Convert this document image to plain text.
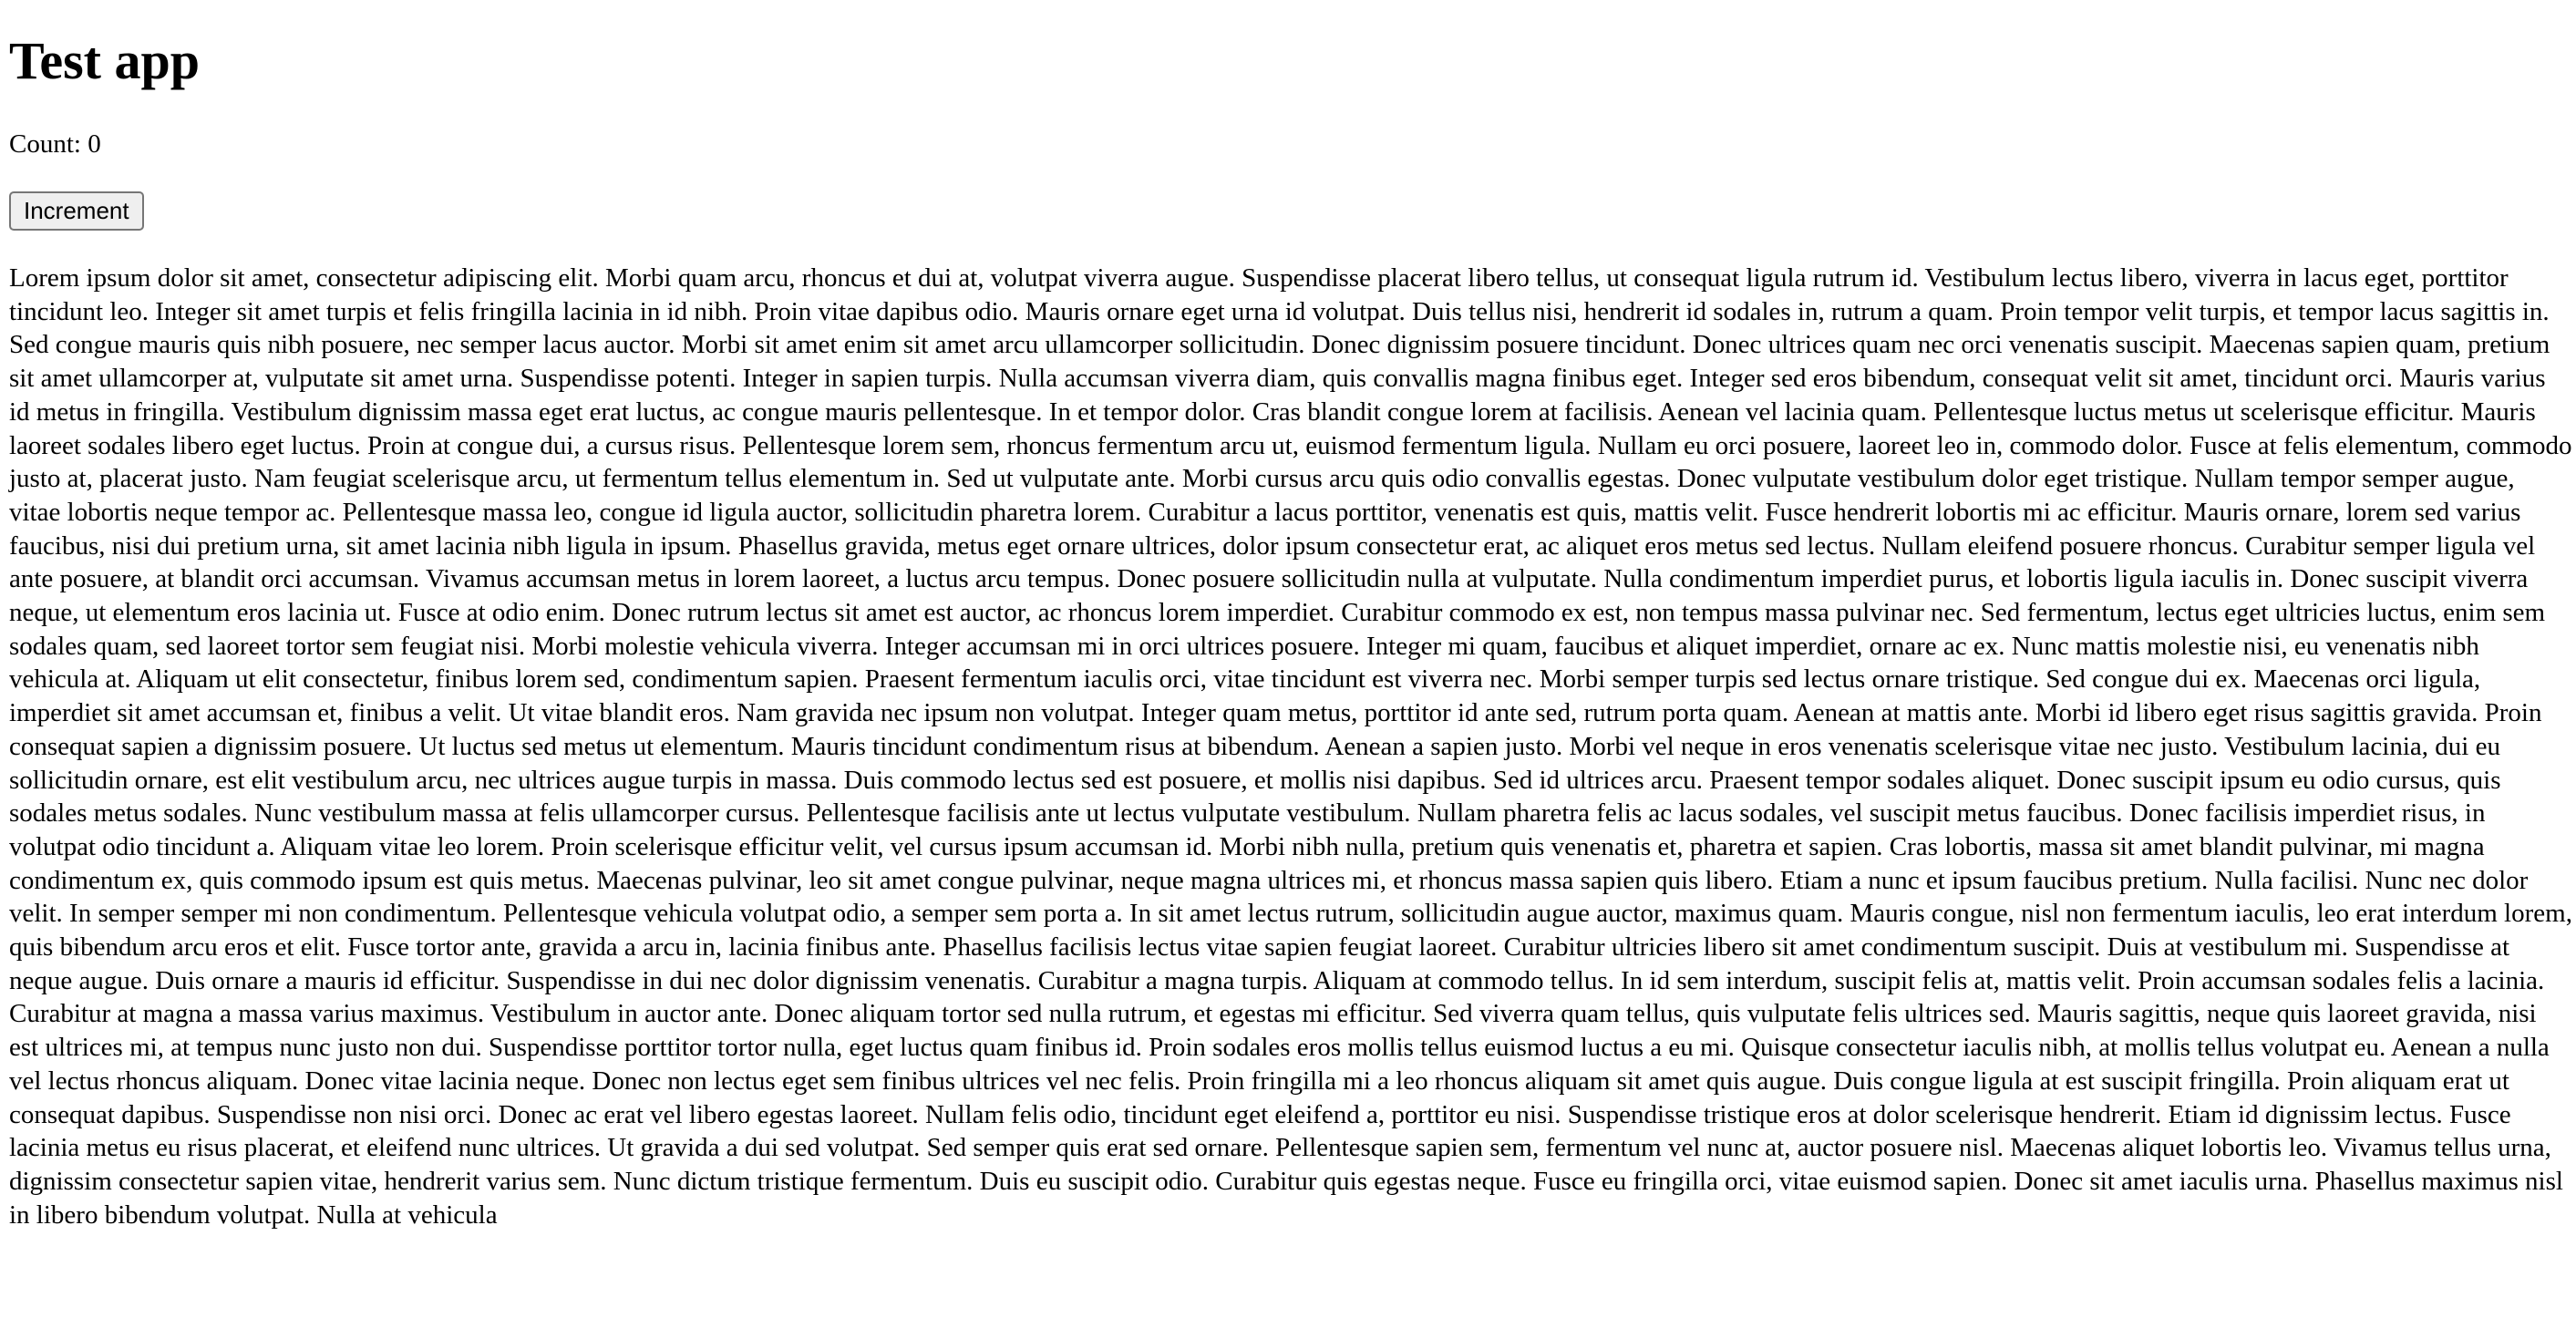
Test app

Count: 0

Increment

Lorem ipsum dolor sit amet, consectetur adipiscing elit. Morbi quam arcu, rhoncus et dui at, volutpat viverra augue. Suspendisse placerat libero tellus, ut consequat ligula rutrum id. Vestibulum lectus libero, viverra in lacus eget, porttitor tincidunt leo. Integer sit amet turpis et felis fringilla lacinia in id nibh. Proin vitae dapibus odio. Mauris ornare eget urna id volutpat. Duis tellus nisi, hendrerit id sodales in, rutrum a quam. Proin tempor velit turpis, et tempor lacus sagittis in. Sed congue mauris quis nibh posuere, nec semper lacus auctor. Morbi sit amet enim sit amet arcu ullamcorper sollicitudin. Donec dignissim posuere tincidunt. Donec ultrices quam nec orci venenatis suscipit. Maecenas sapien quam, pretium sit amet ullamcorper at, vulputate sit amet urna. Suspendisse potenti. Integer in sapien turpis. Nulla accumsan viverra diam, quis convallis magna finibus eget. Integer sed eros bibendum, consequat velit sit amet, tincidunt orci. Mauris varius id metus in fringilla. Vestibulum dignissim massa eget erat luctus, ac congue mauris pellentesque. In et tempor dolor. Cras blandit congue lorem at facilisis. Aenean vel lacinia quam. Pellentesque luctus metus ut scelerisque efficitur. Mauris laoreet sodales libero eget luctus. Proin at congue dui, a cursus risus. Pellentesque lorem sem, rhoncus fermentum arcu ut, euismod fermentum ligula. Nullam eu orci posuere, laoreet leo in, commodo dolor. Fusce at felis elementum, commodo justo at, placerat justo. Nam feugiat scelerisque arcu, ut fermentum tellus elementum in. Sed ut vulputate ante. Morbi cursus arcu quis odio convallis egestas. Donec vulputate vestibulum dolor eget tristique. Nullam tempor semper augue, vitae lobortis neque tempor ac. Pellentesque massa leo, congue id ligula auctor, sollicitudin pharetra lorem. Curabitur a lacus porttitor, venenatis est quis, mattis velit. Fusce hendrerit lobortis mi ac efficitur. Mauris ornare, lorem sed varius faucibus, nisi dui pretium urna, sit amet lacinia nibh ligula in ipsum. Phasellus gravida, metus eget ornare ultrices, dolor ipsum consectetur erat, ac aliquet eros metus sed lectus. Nullam eleifend posuere rhoncus. Curabitur semper ligula vel ante posuere, at blandit orci accumsan. Vivamus accumsan metus in lorem laoreet, a luctus arcu tempus. Donec posuere sollicitudin nulla at vulputate. Nulla condimentum imperdiet purus, et lobortis ligula iaculis in. Donec suscipit viverra neque, ut elementum eros lacinia ut. Fusce at odio enim. Donec rutrum lectus sit amet est auctor, ac rhoncus lorem imperdiet. Curabitur commodo ex est, non tempus massa pulvinar nec. Sed fermentum, lectus eget ultricies luctus, enim sem sodales quam, sed laoreet tortor sem feugiat nisi. Morbi molestie vehicula viverra. Integer accumsan mi in orci ultrices posuere. Integer mi quam, faucibus et aliquet imperdiet, ornare ac ex. Nunc mattis molestie nisi, eu venenatis nibh vehicula at. Aliquam ut elit consectetur, finibus lorem sed, condimentum sapien. Praesent fermentum iaculis orci, vitae tincidunt est viverra nec. Morbi semper turpis sed lectus ornare tristique. Sed congue dui ex. Maecenas orci ligula, imperdiet sit amet accumsan et, finibus a velit. Ut vitae blandit eros. Nam gravida nec ipsum non volutpat. Integer quam metus, porttitor id ante sed, rutrum porta quam. Aenean at mattis ante. Morbi id libero eget risus sagittis gravida. Proin consequat sapien a dignissim posuere. Ut luctus sed metus ut elementum. Mauris tincidunt condimentum risus at bibendum. Aenean a sapien justo. Morbi vel neque in eros venenatis scelerisque vitae nec justo. Vestibulum lacinia, dui eu sollicitudin ornare, est elit vestibulum arcu, nec ultrices augue turpis in massa. Duis commodo lectus sed est posuere, et mollis nisi dapibus. Sed id ultrices arcu. Praesent tempor sodales aliquet. Donec suscipit ipsum eu odio cursus, quis sodales metus sodales. Nunc vestibulum massa at felis ullamcorper cursus. Pellentesque facilisis ante ut lectus vulputate vestibulum. Nullam pharetra felis ac lacus sodales, vel suscipit metus faucibus. Donec facilisis imperdiet risus, in volutpat odio tincidunt a. Aliquam vitae leo lorem. Proin scelerisque efficitur velit, vel cursus ipsum accumsan id. Morbi nibh nulla, pretium quis venenatis et, pharetra et sapien. Cras lobortis, massa sit amet blandit pulvinar, mi magna condimentum ex, quis commodo ipsum est quis metus. Maecenas pulvinar, leo sit amet congue pulvinar, neque magna ultrices mi, et rhoncus massa sapien quis libero. Etiam a nunc et ipsum faucibus pretium. Nulla facilisi. Nunc nec dolor velit. In semper semper mi non condimentum. Pellentesque vehicula volutpat odio, a semper sem porta a. In sit amet lectus rutrum, sollicitudin augue auctor, maximus quam. Mauris congue, nisl non fermentum iaculis, leo erat interdum lorem, quis bibendum arcu eros et elit. Fusce tortor ante, gravida a arcu in, lacinia finibus ante. Phasellus facilisis lectus vitae sapien feugiat laoreet. Curabitur ultricies libero sit amet condimentum suscipit. Duis at vestibulum mi. Suspendisse at neque augue. Duis ornare a mauris id efficitur. Suspendisse in dui nec dolor dignissim venenatis. Curabitur a magna turpis. Aliquam at commodo tellus. In id sem interdum, suscipit felis at, mattis velit. Proin accumsan sodales felis a lacinia. Curabitur at magna a massa varius maximus. Vestibulum in auctor ante. Donec aliquam tortor sed nulla rutrum, et egestas mi efficitur. Sed viverra quam tellus, quis vulputate felis ultrices sed. Mauris sagittis, neque quis laoreet gravida, nisi est ultrices mi, at tempus nunc justo non dui. Suspendisse porttitor tortor nulla, eget luctus quam finibus id. Proin sodales eros mollis tellus euismod luctus a eu mi. Quisque consectetur iaculis nibh, at mollis tellus volutpat eu. Aenean a nulla vel lectus rhoncus aliquam. Donec vitae lacinia neque. Donec non lectus eget sem finibus ultrices vel nec felis. Proin fringilla mi a leo rhoncus aliquam sit amet quis augue. Duis congue ligula at est suscipit fringilla. Proin aliquam erat ut consequat dapibus. Suspendisse non nisi orci. Donec ac erat vel libero egestas laoreet. Nullam felis odio, tincidunt eget eleifend a, porttitor eu nisi. Suspendisse tristique eros at dolor scelerisque hendrerit. Etiam id dignissim lectus. Fusce lacinia metus eu risus placerat, et eleifend nunc ultrices. Ut gravida a dui sed volutpat. Sed semper quis erat sed ornare. Pellentesque sapien sem, fermentum vel nunc at, auctor posuere nisl. Maecenas aliquet lobortis leo. Vivamus tellus urna, dignissim consectetur sapien vitae, hendrerit varius sem. Nunc dictum tristique fermentum. Duis eu suscipit odio. Curabitur quis egestas neque. Fusce eu fringilla orci, vitae euismod sapien. Donec sit amet iaculis urna. Phasellus maximus nisl in libero bibendum volutpat. Nulla at vehicula
